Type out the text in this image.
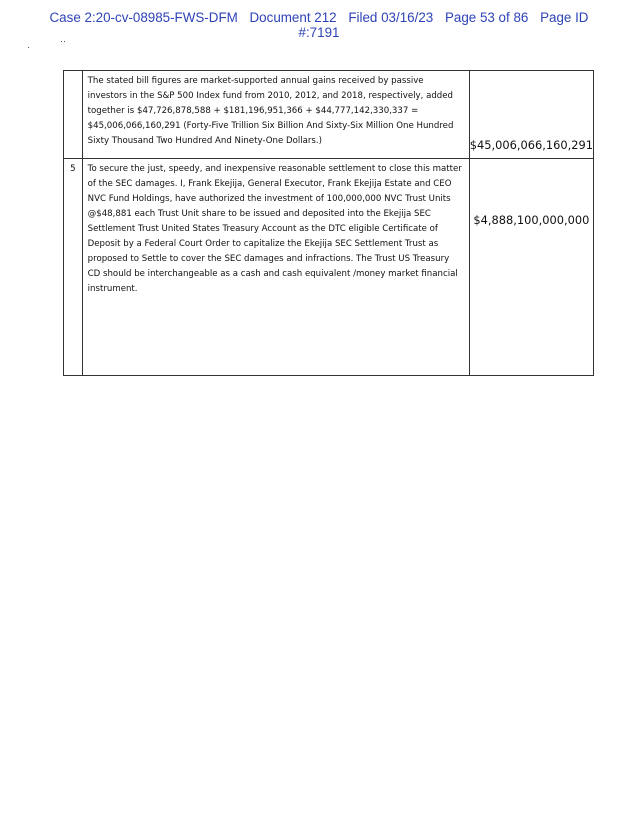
Case 2:20-cv-08985-FWS-DFM Document 212 Filed 03/16/23 Page 53 of 86 Page ID
#:7191
··
·

	The stated bill figures are market-supported annual gains received by passive investors in the S&P 500 Index fund from 2010, 2012, and 2018, respectively, added together is $47,726,878,588 + $181,196,951,366 + $44,777,142,330,337 = $45,006,066,160,291 (Forty-Five Trillion Six Billion And Sixty-Six Million One Hundred Sixty Thousand Two Hundred And Ninety-One Dollars.)	$45,006,066,160,291
5	To secure the just, speedy, and inexpensive reasonable settlement to close this matter of the SEC damages. I, Frank Ekejija, General Executor, Frank Ekejija Estate and CEO NVC Fund Holdings, have authorized the investment of 100,000,000 NVC Trust Units @$48,881 each Trust Unit share to be issued and deposited into the Ekejija SEC Settlement Trust United States Treasury Account as the DTC eligible Certificate of Deposit by a Federal Court Order to capitalize the Ekejija SEC Settlement Trust as proposed to Settle to cover the SEC damages and infractions. The Trust US Treasury CD should be interchangeable as a cash and cash equivalent /money market financial instrument.	$4,888,100,000,000
